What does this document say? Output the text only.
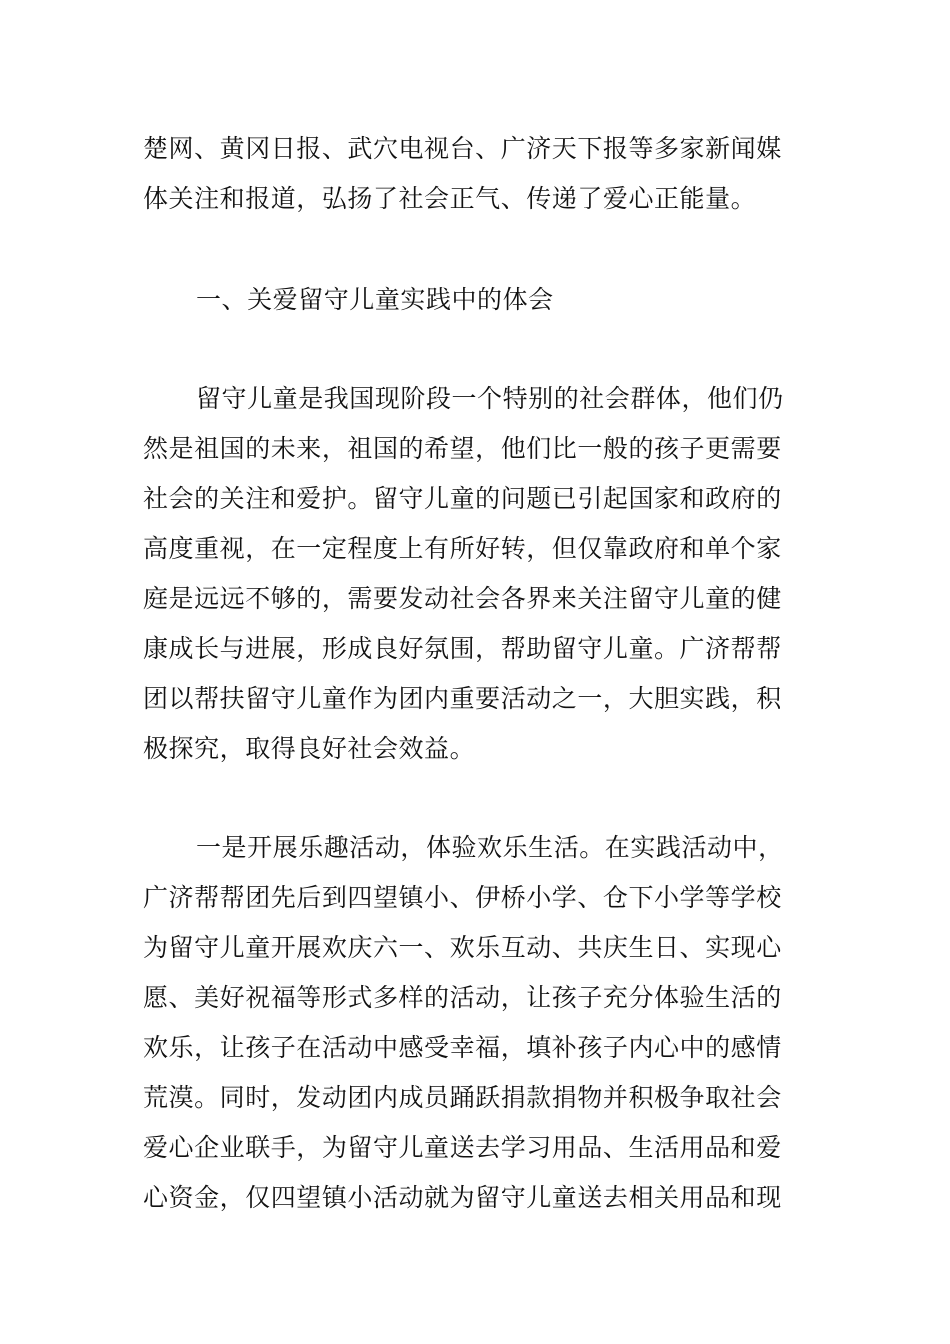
楚网、黄冈日报、武穴电视台、广济天下报等多家新闻媒
体关注和报道，弘扬了社会正气、传递了爱心正能量。
一、关爱留守儿童实践中的体会
留守儿童是我国现阶段一个特别的社会群体，他们仍
然是祖国的未来，祖国的希望，他们比一般的孩子更需要
社会的关注和爱护。留守儿童的问题已引起国家和政府的
高度重视，在一定程度上有所好转，但仅靠政府和单个家
庭是远远不够的，需要发动社会各界来关注留守儿童的健
康成长与进展，形成良好氛围，帮助留守儿童。广济帮帮
团以帮扶留守儿童作为团内重要活动之一，大胆实践，积
极探究，取得良好社会效益。
一是开展乐趣活动，体验欢乐生活。在实践活动中，
广济帮帮团先后到四望镇小、伊桥小学、仓下小学等学校
为留守儿童开展欢庆六一、欢乐互动、共庆生日、实现心
愿、美好祝福等形式多样的活动，让孩子充分体验生活的
欢乐，让孩子在活动中感受幸福，填补孩子内心中的感情
荒漠。同时，发动团内成员踊跃捐款捐物并积极争取社会
爱心企业联手，为留守儿童送去学习用品、生活用品和爱
心资金，仅四望镇小活动就为留守儿童送去相关用品和现
